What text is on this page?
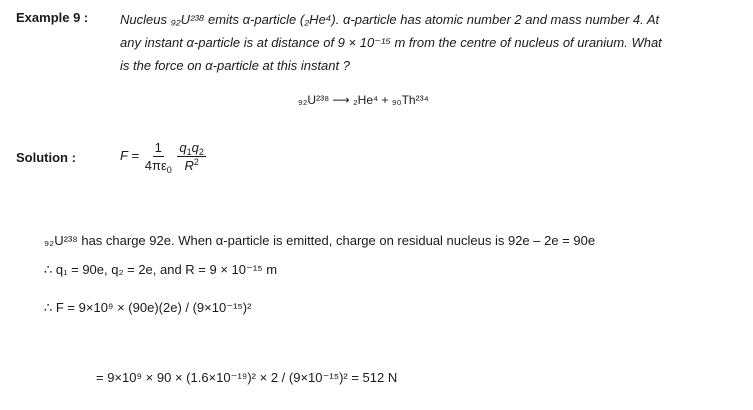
Example 9 : Nucleus ₉₂U²³⁸ emits α-particle (₂He⁴). α-particle has atomic number 2 and mass number 4. At
any instant α-particle is at distance of 9 × 10⁻¹⁵ m from the centre of nucleus of uranium. What
is the force on α-particle at this instant ?
₉₂U²³⁸ ⟶ ₂He⁴ + ₉₀Th²³⁴
Solution :	$F = \frac{1}{4\pi\varepsilon_0}$
$\frac{q_1q_2}{R^2}$
₉₂U²³⁸ has charge 92e. When α-particle is emitted, charge on residual nucleus is 92e – 2e = 90e
∴ q₁ = 90e, q₂ = 2e, and R = 9 × 10⁻¹⁵ m
∴ F = 9×10⁹ × (90e)(2e) / (9×10⁻¹⁵)²
= 9×10⁹ × 90 × (1.6×10⁻¹⁹)² × 2 / (9×10⁻¹⁵)² = 512 N
